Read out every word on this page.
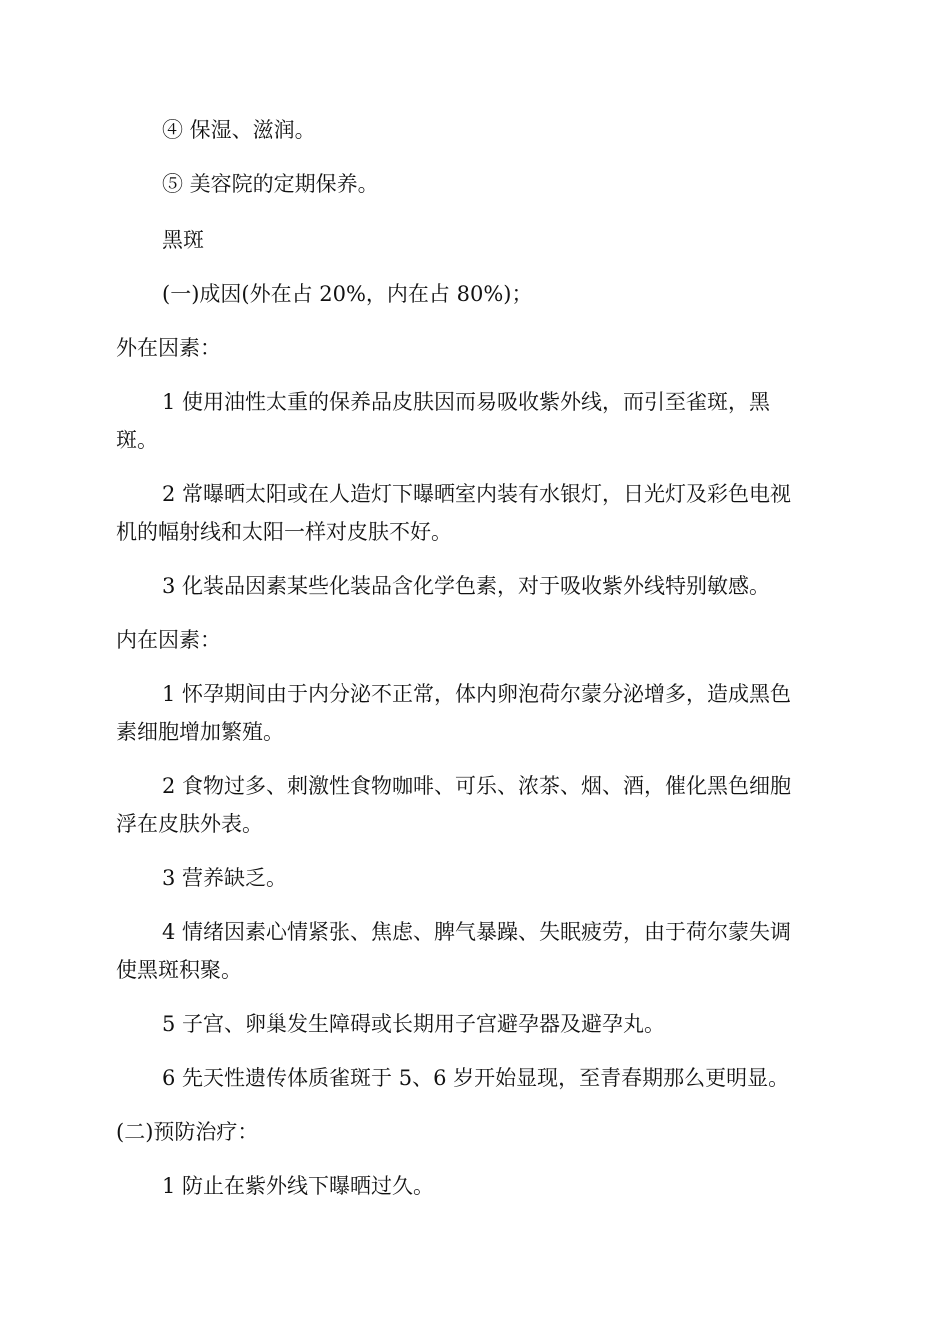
④ 保湿、滋润。
⑤ 美容院的定期保养。
黑斑
(一)成因(外在占 20%，内在占 80%)；
外在因素：
1 使用油性太重的保养品皮肤因而易吸收紫外线，而引至雀斑，黑
斑。
2 常曝晒太阳或在人造灯下曝晒室内装有水银灯，日光灯及彩色电视
机的幅射线和太阳一样对皮肤不好。
3 化装品因素某些化装品含化学色素，对于吸收紫外线特别敏感。
内在因素：
1 怀孕期间由于内分泌不正常，体内卵泡荷尔蒙分泌增多，造成黑色
素细胞增加繁殖。
2 食物过多、刺激性食物咖啡、可乐、浓茶、烟、酒，催化黑色细胞
浮在皮肤外表。
3 营养缺乏。
4 情绪因素心情紧张、焦虑、脾气暴躁、失眠疲劳，由于荷尔蒙失调
使黑斑积聚。
5 子宫、卵巢发生障碍或长期用子宫避孕器及避孕丸。
6 先天性遗传体质雀斑于 5、6 岁开始显现，至青春期那么更明显。
(二)预防治疗：
1 防止在紫外线下曝晒过久。
